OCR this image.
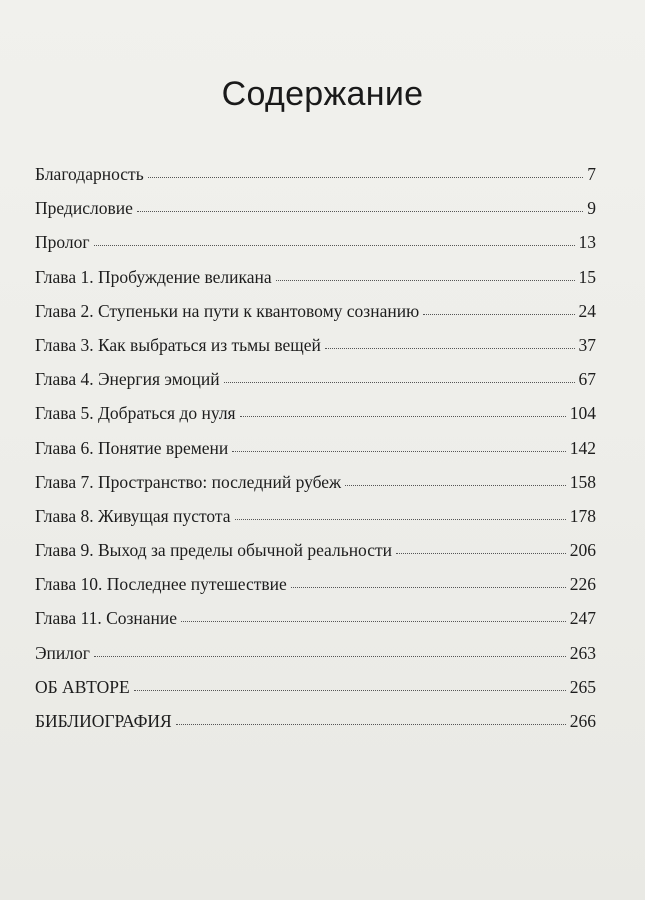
Содержание
Благодарность	7
Предисловие	9
Пролог	13
Глава 1. Пробуждение великана	15
Глава 2. Ступеньки на пути к квантовому сознанию	24
Глава 3. Как выбраться из тьмы вещей	37
Глава 4. Энергия эмоций	67
Глава 5. Добраться до нуля	104
Глава 6. Понятие времени	142
Глава 7. Пространство: последний рубеж	158
Глава 8. Живущая пустота	178
Глава 9. Выход за пределы обычной реальности	206
Глава 10. Последнее путешествие	226
Глава 11. Сознание	247
Эпилог	263
ОБ АВТОРЕ	265
БИБЛИОГРАФИЯ	266
